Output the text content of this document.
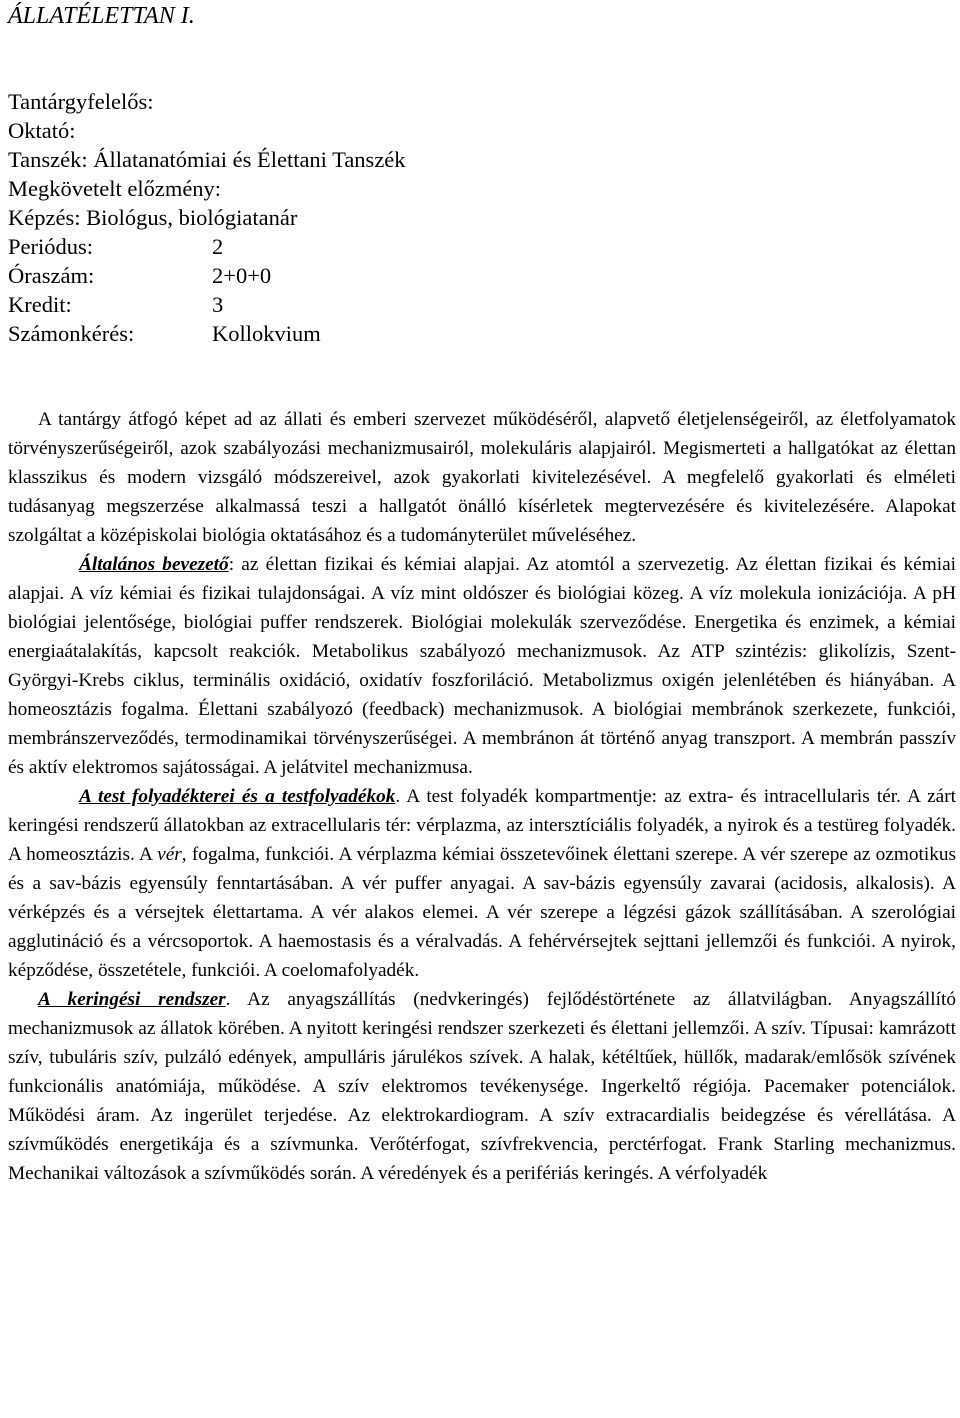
ÁLLATÉLETTAN I.
Tantárgyfelelős:
Oktató:
Tanszék: Állatanatómiai és Élettani Tanszék
Megkövetelt előzmény:
Képzés: Biológus, biológiatanár
Periódus:	2
Óraszám:	2+0+0
Kredit:	3
Számonkérés:	Kollokvium

A tantárgy átfogó képet ad az állati és emberi szervezet működéséről, alapvető életjelenségeiről, az életfolyamatok törvényszerűségeiről, azok szabályozási mechanizmusairól, molekuláris alapjairól. Megismerteti a hallgatókat az élettan klasszikus és modern vizsgáló módszereivel, azok gyakorlati kivitelezésével. A megfelelő gyakorlati és elméleti tudásanyag megszerzése alkalmassá teszi a hallgatót önálló kísérletek megtervezésére és kivitelezésére. Alapokat szolgáltat a középiskolai biológia oktatásához és a tudományterület műveléséhez.

Általános bevezető: az élettan fizikai és kémiai alapjai. Az atomtól a szervezetig. Az élettan fizikai és kémiai alapjai. A víz kémiai és fizikai tulajdonságai. A víz mint oldószer és biológiai közeg. A víz molekula ionizációja. A pH biológiai jelentősége, biológiai puffer rendszerek. Biológiai molekulák szerveződése. Energetika és enzimek, a kémiai energiaátalakítás, kapcsolt reakciók. Metabolikus szabályozó mechanizmusok. Az ATP szintézis: glikolízis, Szent-Györgyi-Krebs ciklus, terminális oxidáció, oxidatív foszforiláció. Metabolizmus oxigén jelenlétében és hiányában. A homeosztázis fogalma. Élettani szabályozó (feedback) mechanizmusok. A biológiai membránok szerkezete, funkciói, membránszerveződés, termodinamikai törvényszerűségei. A membránon át történő anyag transzport. A membrán passzív és aktív elektromos sajátosságai. A jelátvitel mechanizmusa.

A test folyadékterei és a testfolyadékok. A test folyadék kompartmentje: az extra- és intracellularis tér. A zárt keringési rendszerű állatokban az extracellularis tér: vérplazma, az intersztíciális folyadék, a nyirok és a testüreg folyadék. A homeosztázis. A vér, fogalma, funkciói. A vérplazma kémiai összetevőinek élettani szerepe. A vér szerepe az ozmotikus és a sav-bázis egyensúly fenntartásában. A vér puffer anyagai. A sav-bázis egyensúly zavarai (acidosis, alkalosis). A vérképzés és a vérsejtek élettartama. A vér alakos elemei. A vér szerepe a légzési gázok szállításában. A szerológiai agglutináció és a vércsoportok. A haemostasis és a véralvadás. A fehérvérsejtek sejttani jellemzői és funkciói. A nyirok, képződése, összetétele, funkciói. A coelomafolyadék.

A keringési rendszer. Az anyagszállítás (nedvkeringés) fejlődéstörténete az állatvilágban. Anyagszállító mechanizmusok az állatok körében. A nyitott keringési rendszer szerkezeti és élettani jellemzői. A szív. Típusai: kamrázott szív, tubuláris szív, pulzáló edények, ampulláris járulékos szívek. A halak, kétéltűek, hüllők, madarak/emlősök szívének funkcionális anatómiája, működése. A szív elektromos tevékenysége. Ingerkeltő régiója. Pacemaker potenciálok. Működési áram. Az ingerület terjedése. Az elektrokardiogram. A szív extracardialis beidegzése és vérellátása. A szívműködés energetikája és a szívmunka. Verőtérfogat, szívfrekvencia, perctérfogat. Frank Starling mechanizmus. Mechanikai változások a szívműködés során. A véredények és a perifériás keringés. A vérfolyadék
